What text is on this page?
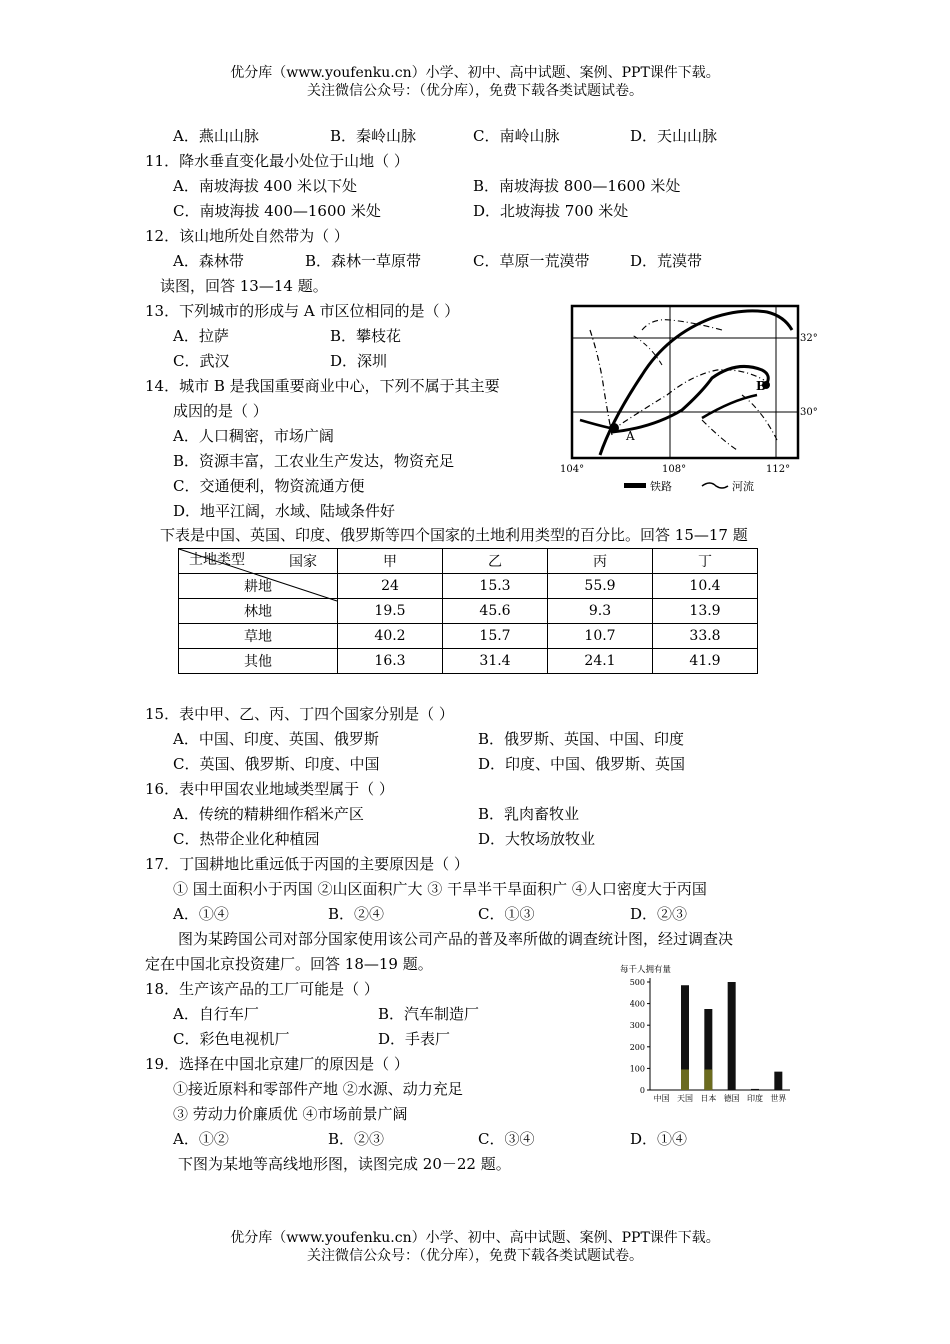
优分库（www.youfenku.cn）小学、初中、高中试题、案例、PPT课件下载。
关注微信公众号：（优分库），免费下载各类试题试卷。
A．燕山山脉	B．秦岭山脉	C．南岭山脉	D．天山山脉
11．降水垂直变化最小处位于山地（ ）
A．南坡海拔 400 米以下处	B．南坡海拔 800—1600 米处
C．南坡海拔 400—1600 米处	D．北坡海拔 700 米处
12．该山地所处自然带为（ ）
A．森林带	B．森林一草原带	C．草原一荒漠带	D．荒漠带
读图，回答 13—14 题。
13．下列城市的形成与 A 市区位相同的是（ ）
A．拉萨	B．攀枝花
C．武汉	D．深圳
14．城市 B 是我国重要商业中心，下列不属于其主要
成因的是（ ）
A．人口稠密，市场广阔
B．资源丰富，工农业生产发达，物资充足
C．交通便利，物资流通方便
D．地平江阔，水域、陆域条件好
A
B
32°
30°
104°	108°	112°
铁路	河流
下表是中国、英国、印度、俄罗斯等四个国家的土地利用类型的百分比。回答 15—17 题
国家
土地类型	甲	乙	丙	丁
耕地	24	15.3	55.9	10.4
林地	19.5	45.6	9.3	13.9
草地	40.2	15.7	10.7	33.8
其他	16.3	31.4	24.1	41.9
15．表中甲、乙、丙、丁四个国家分别是（ ）
A．中国、印度、英国、俄罗斯	B．俄罗斯、英国、中国、印度
C．英国、俄罗斯、印度、中国	D．印度、中国、俄罗斯、英国
16．表中甲国农业地域类型属于（ ）
A．传统的精耕细作稻米产区	B．乳肉畜牧业
C．热带企业化种植园	D．大牧场放牧业
17．丁国耕地比重远低于丙国的主要原因是（ ）
① 国土面积小于丙国 ②山区面积广大 ③ 干旱半干旱面积广 ④人口密度大于丙国
A．①④	B．②④	C．①③	D．②③
图为某跨国公司对部分国家使用该公司产品的普及率所做的调查统计图，经过调查决
定在中国北京投资建厂。回答 18—19 题。
18．生产该产品的工厂可能是（ ）
A．自行车厂	B．汽车制造厂
C．彩色电视机厂	D．手表厂
19．选择在中国北京建厂的原因是（ ）
①接近原料和零部件产地 ②水源、动力充足
③ 劳动力价廉质优 ④市场前景广阔
A．①②	B．②③	C．③④	D．①④
下图为某地等高线地形图，读图完成 20－22 题。
每千人拥有量
0
100
200
300
400
500
中国 天国 日本 德国 印度 世界
优分库（www.youfenku.cn）小学、初中、高中试题、案例、PPT课件下载。
关注微信公众号：（优分库），免费下载各类试题试卷。
